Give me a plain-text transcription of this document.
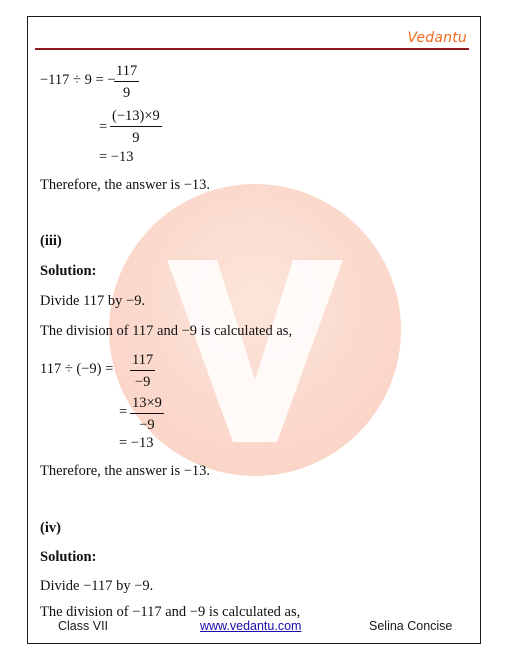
Vedantu
−117 ÷ 9 = −
$\frac{117}{9}$
= $\frac{(-13)\times 9}{9}$
= −13
Therefore, the answer is −13.
(iii)
Solution:
Divide 117 by −9.
The division of 117 and −9 is calculated as,
$117 \div (-9) = \frac{117}{-9}$
= $\frac{13\times 9}{-9}$
= −13
Therefore, the answer is −13.
(iv)
Solution:
Divide −117 by −9.
The division of −117 and −9 is calculated as,
Class VII	www.vedantu.com	Selina Concise
